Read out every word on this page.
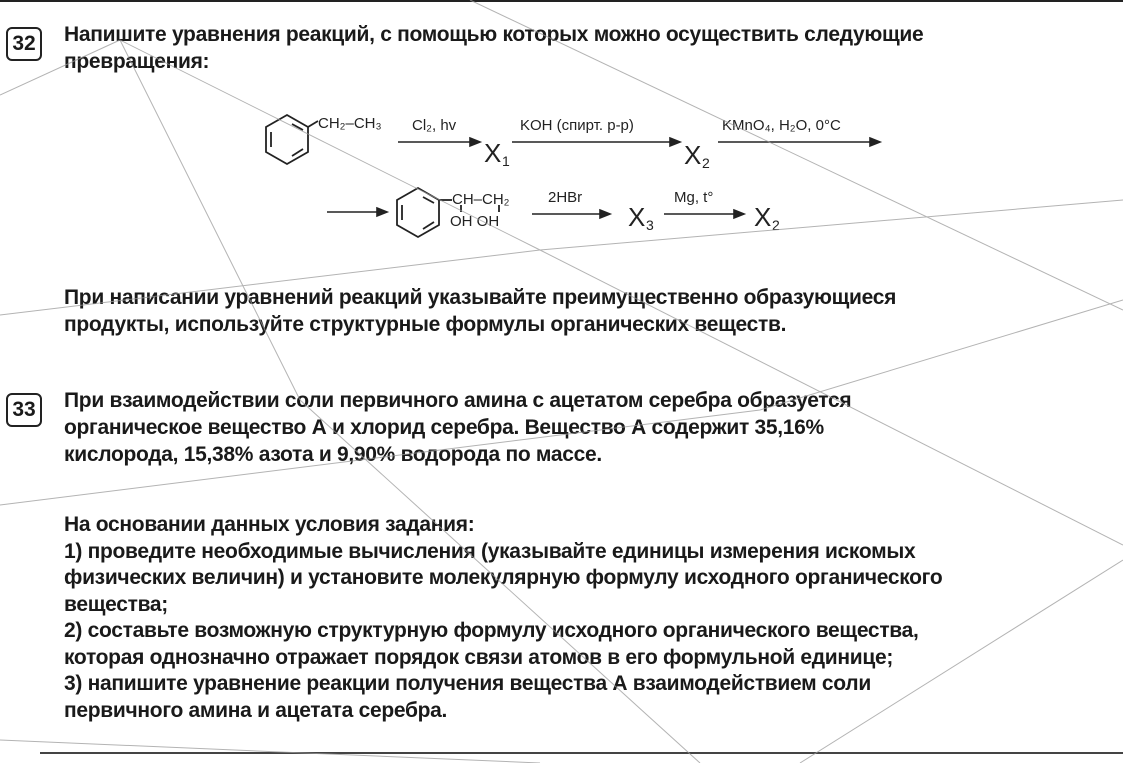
32	Напишите уравнения реакций, с помощью которых можно осуществить следующие
превращения:
CH₂–CH₃ Cl₂, hv
X 1
KOH (спирт. р-р)
X 2
KMnO₄, H₂O, 0°C
CH–CH₂
OH OH
2HBr
X 3
Mg, t°
X 2
При написании уравнений реакций указывайте преимущественно образующиеся
продукты, используйте структурные формулы органических веществ.
33	При взаимодействии соли первичного амина с ацетатом серебра образуется
органическое вещество А и хлорид серебра. Вещество А содержит 35,16%
кислорода, 15,38% азота и 9,90% водорода по массе.
На основании данных условия задания:
1) проведите необходимые вычисления (указывайте единицы измерения искомых
физических величин) и установите молекулярную формулу исходного органического
вещества;
2) составьте возможную структурную формулу исходного органического вещества,
которая однозначно отражает порядок связи атомов в его формульной единице;
3) напишите уравнение реакции получения вещества А взаимодействием соли
первичного амина и ацетата серебра.
